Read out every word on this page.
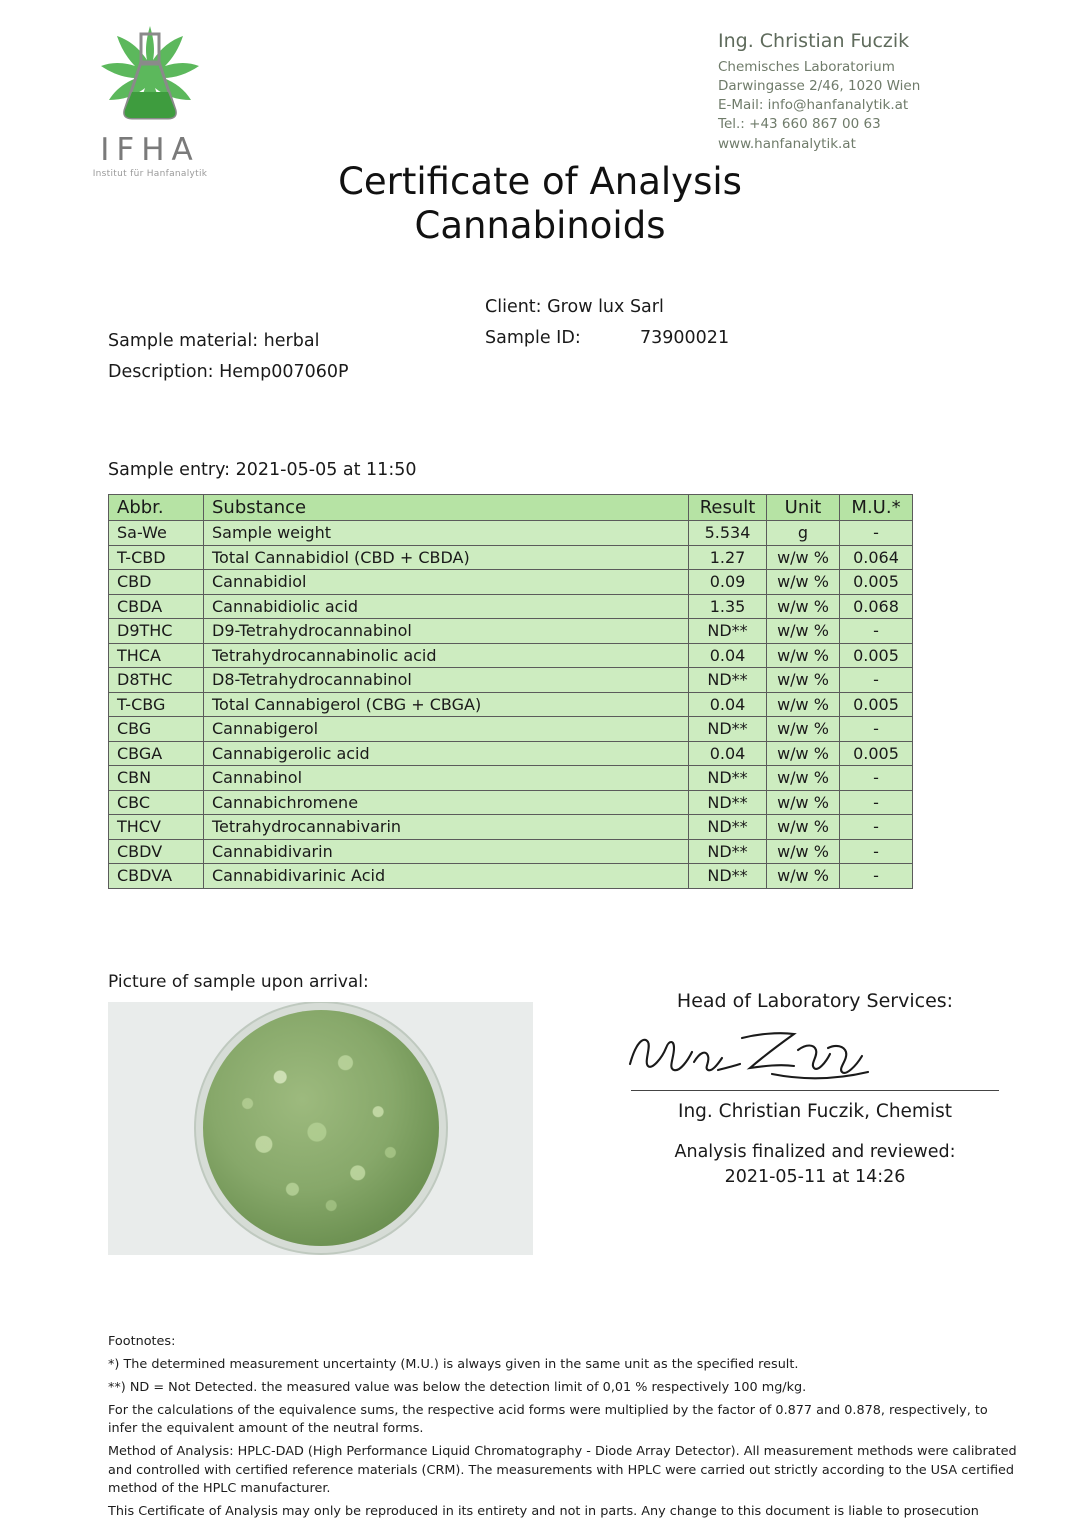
IFHA
Institut für Hanfanalytik
Ing. Christian Fuczik
Chemisches Laboratorium
Darwingasse 2/46, 1020 Wien
E-Mail: info@hanfanalytik.at
Tel.: +43 660 867 00 63
www.hanfanalytik.at
Certificate of Analysis
Cannabinoids
Sample material: herbal
Description: Hemp007060P
Client: Grow lux Sarl
Sample ID:	73900021
Sample entry: 2021-05-05 at 11:50
Abbr.	Substance	Result	Unit	M.U.*
Sa-We	Sample weight	5.534	g	-
T-CBD	Total Cannabidiol (CBD + CBDA)	1.27	w/w %	0.064
CBD	Cannabidiol	0.09	w/w %	0.005
CBDA	Cannabidiolic acid	1.35	w/w %	0.068
D9THC	D9-Tetrahydrocannabinol	ND**	w/w %	-
THCA	Tetrahydrocannabinolic acid	0.04	w/w %	0.005
D8THC	D8-Tetrahydrocannabinol	ND**	w/w %	-
T-CBG	Total Cannabigerol (CBG + CBGA)	0.04	w/w %	0.005
CBG	Cannabigerol	ND**	w/w %	-
CBGA	Cannabigerolic acid	0.04	w/w %	0.005
CBN	Cannabinol	ND**	w/w %	-
CBC	Cannabichromene	ND**	w/w %	-
THCV	Tetrahydrocannabivarin	ND**	w/w %	-
CBDV	Cannabidivarin	ND**	w/w %	-
CBDVA	Cannabidivarinic Acid	ND**	w/w %	-
Picture of sample upon arrival:
Head of Laboratory Services:
Ing. Christian Fuczik, Chemist
Analysis finalized and reviewed:
2021-05-11 at 14:26

Footnotes:

*) The determined measurement uncertainty (M.U.) is always given in the same unit as the specified result.

**) ND = Not Detected. the measured value was below the detection limit of 0,01 % respectively 100 mg/kg.

For the calculations of the equivalence sums, the respective acid forms were multiplied by the factor of 0.877 and 0.878, respectively, to infer the equivalent amount of the neutral forms.

Method of Analysis: HPLC-DAD (High Performance Liquid Chromatography - Diode Array Detector). All measurement methods were calibrated and controlled with certified reference materials (CRM). The measurements with HPLC were carried out strictly according to the USA certified method of the HPLC manufacturer.

This Certificate of Analysis may only be reproduced in its entirety and not in parts. Any change to this document is liable to prosecution
